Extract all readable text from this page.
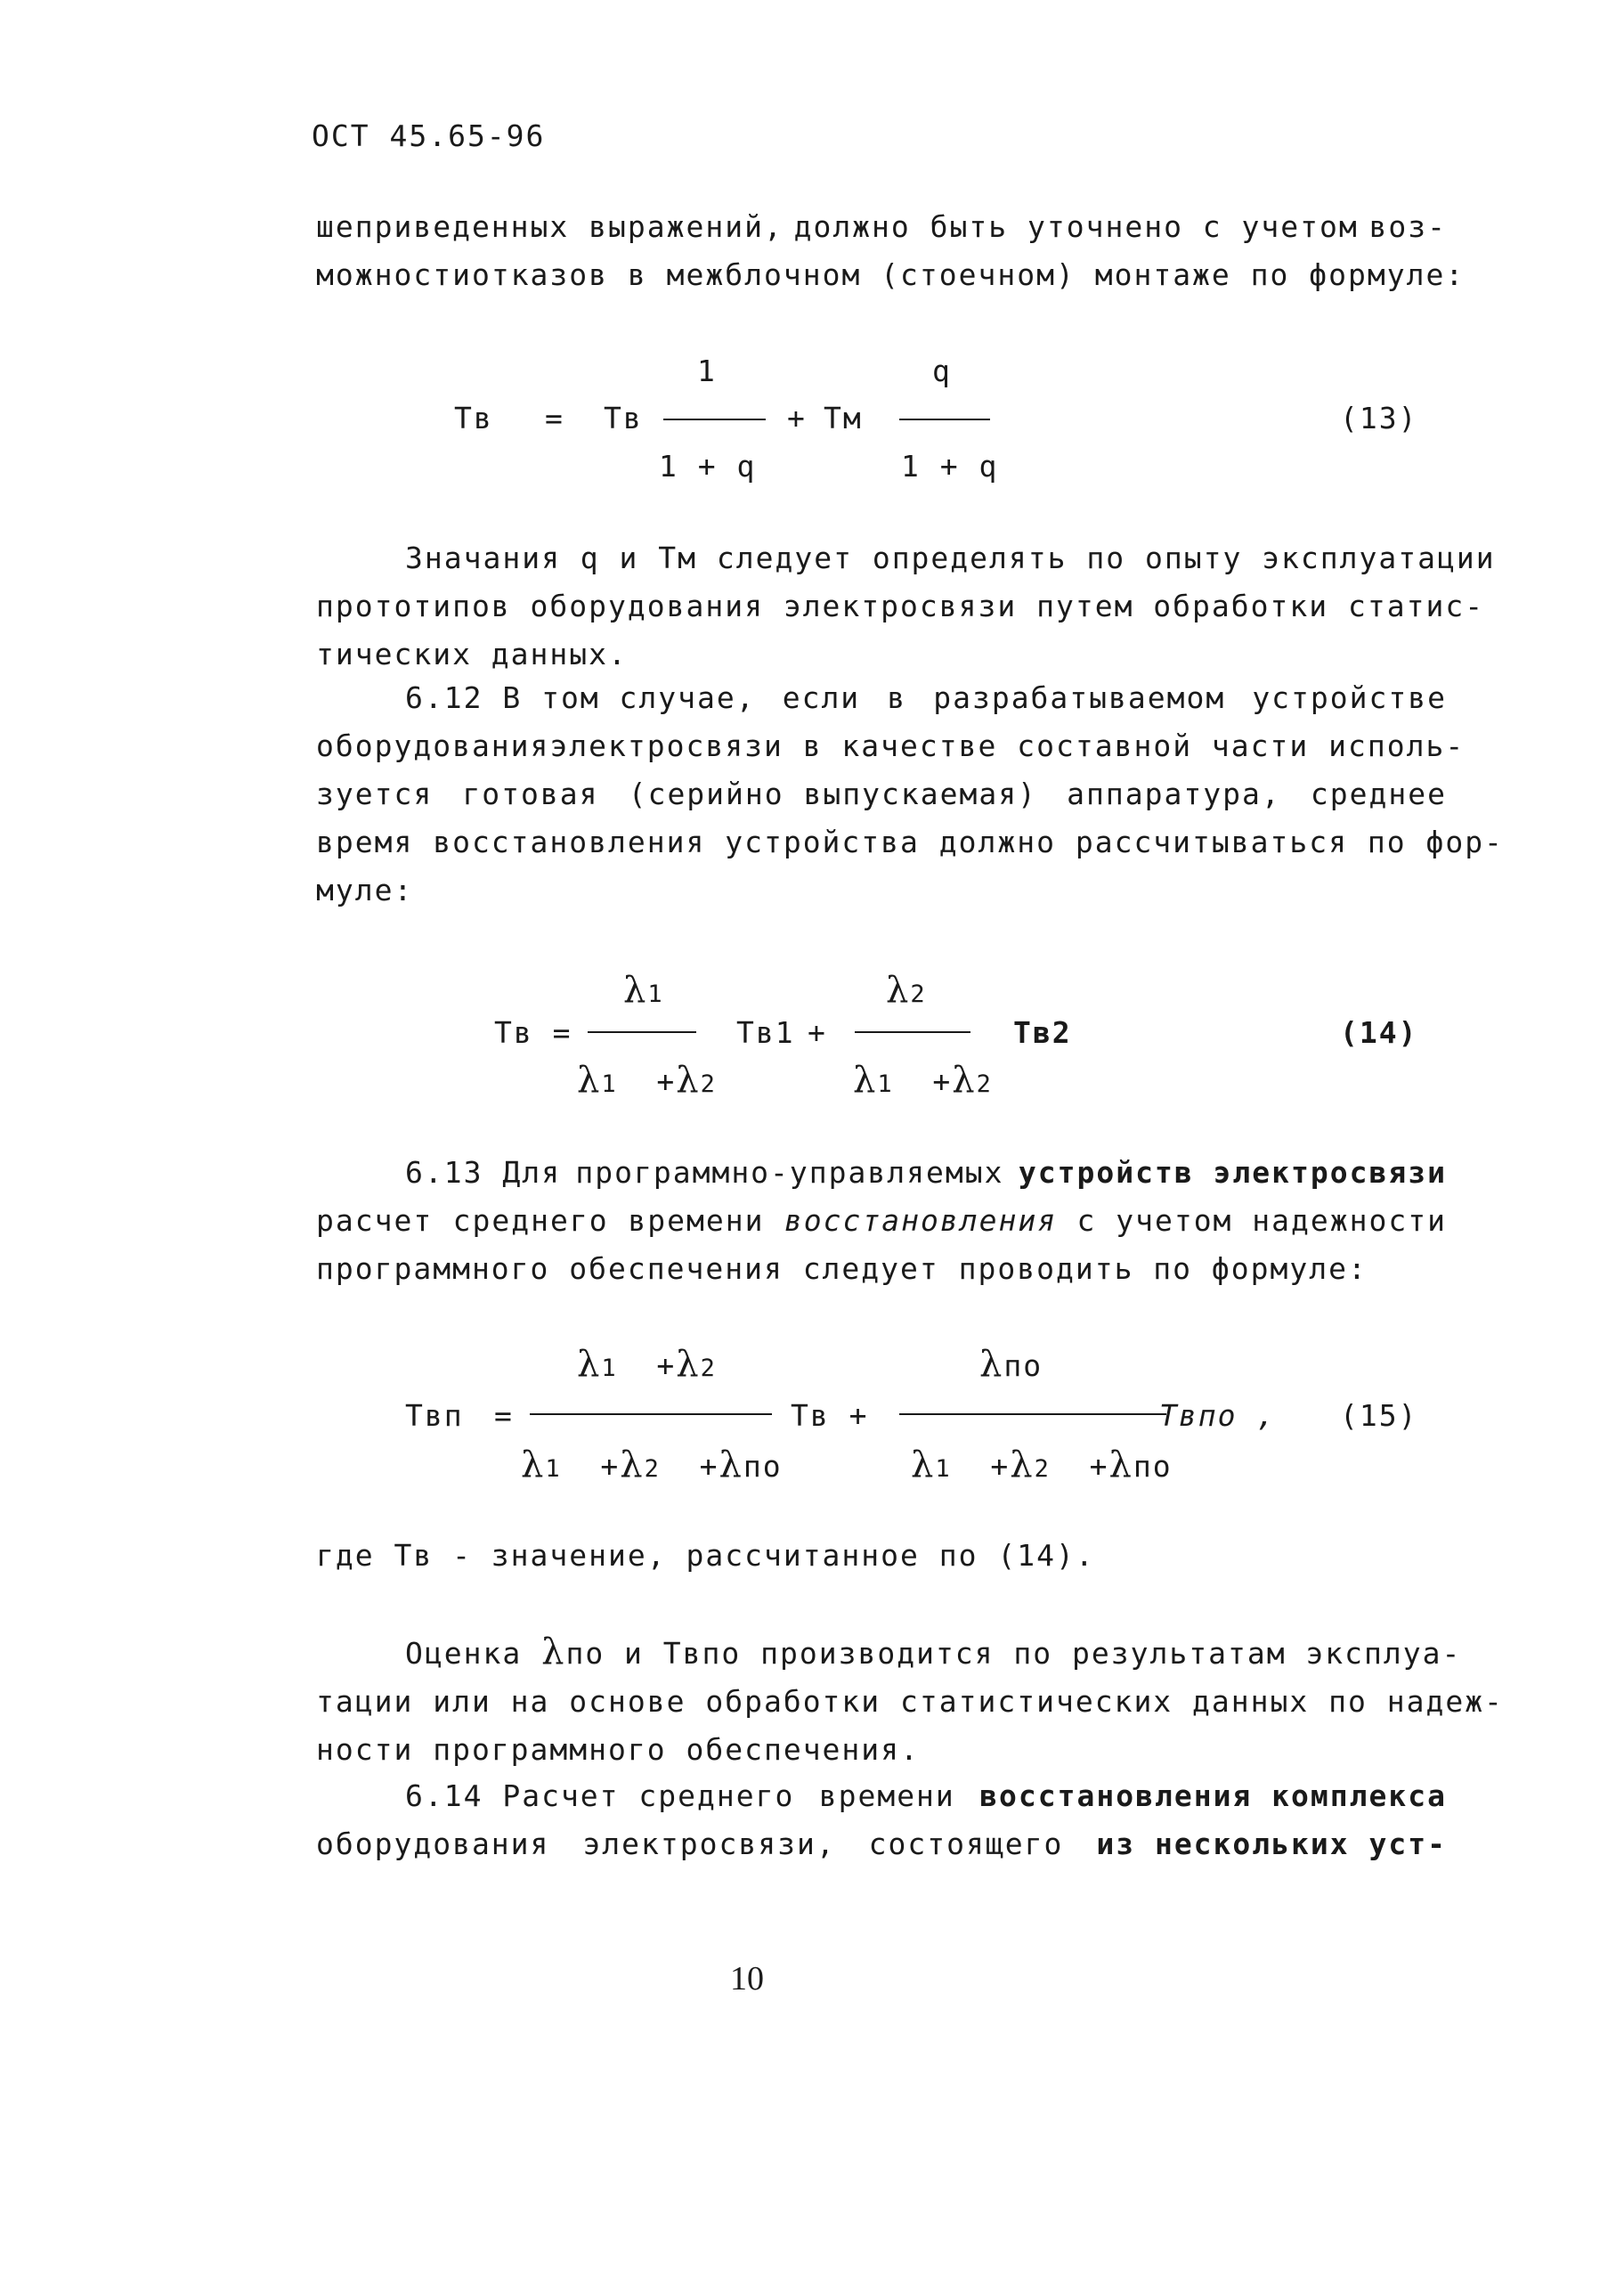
ОСТ 45.65-96

шеприведенных выражений, должно быть уточнено с учетом воз-

можности отказов в межблочном (стоечном) монтаже по формуле:

Тв = Тв
1
1 + q
+ Тм
q
1 + q
(13)

Значания q и Тм следует определять по опыту эксплуатации

прототипов оборудования электросвязи путем обработки статис-

тических данных.

6.12 В том случае, если в разрабатываемом устройстве

оборудования электросвязи в качестве составной части исполь-

зуется готовая (серийно выпускаемая) аппаратура, среднее

время восстановления устройства должно рассчитываться по фор-

муле:

Тв =
λ1
λ1 +λ2
Тв1 +
λ2
λ1 +λ2
Тв2	(14)

6.13 Для программно-управляемых устройств электросвязи

расчет среднего времени восстановления с учетом надежности

программного обеспечения следует проводить по формуле:

Твп =
λ1 +λ2
λ1 +λ2 +λпо
Тв +
λпо
λ1 +λ2 +λпо
Твпо , (15)
где Тв - значение, рассчитанное по (14).

Оценка λпо и Твпо производится по результатам эксплуа-

тации или на основе обработки статистических данных по надеж-

ности программного обеспечения.

6.14 Расчет среднего времени восстановления комплекса

оборудования электросвязи, состоящего из нескольких уст-

10
